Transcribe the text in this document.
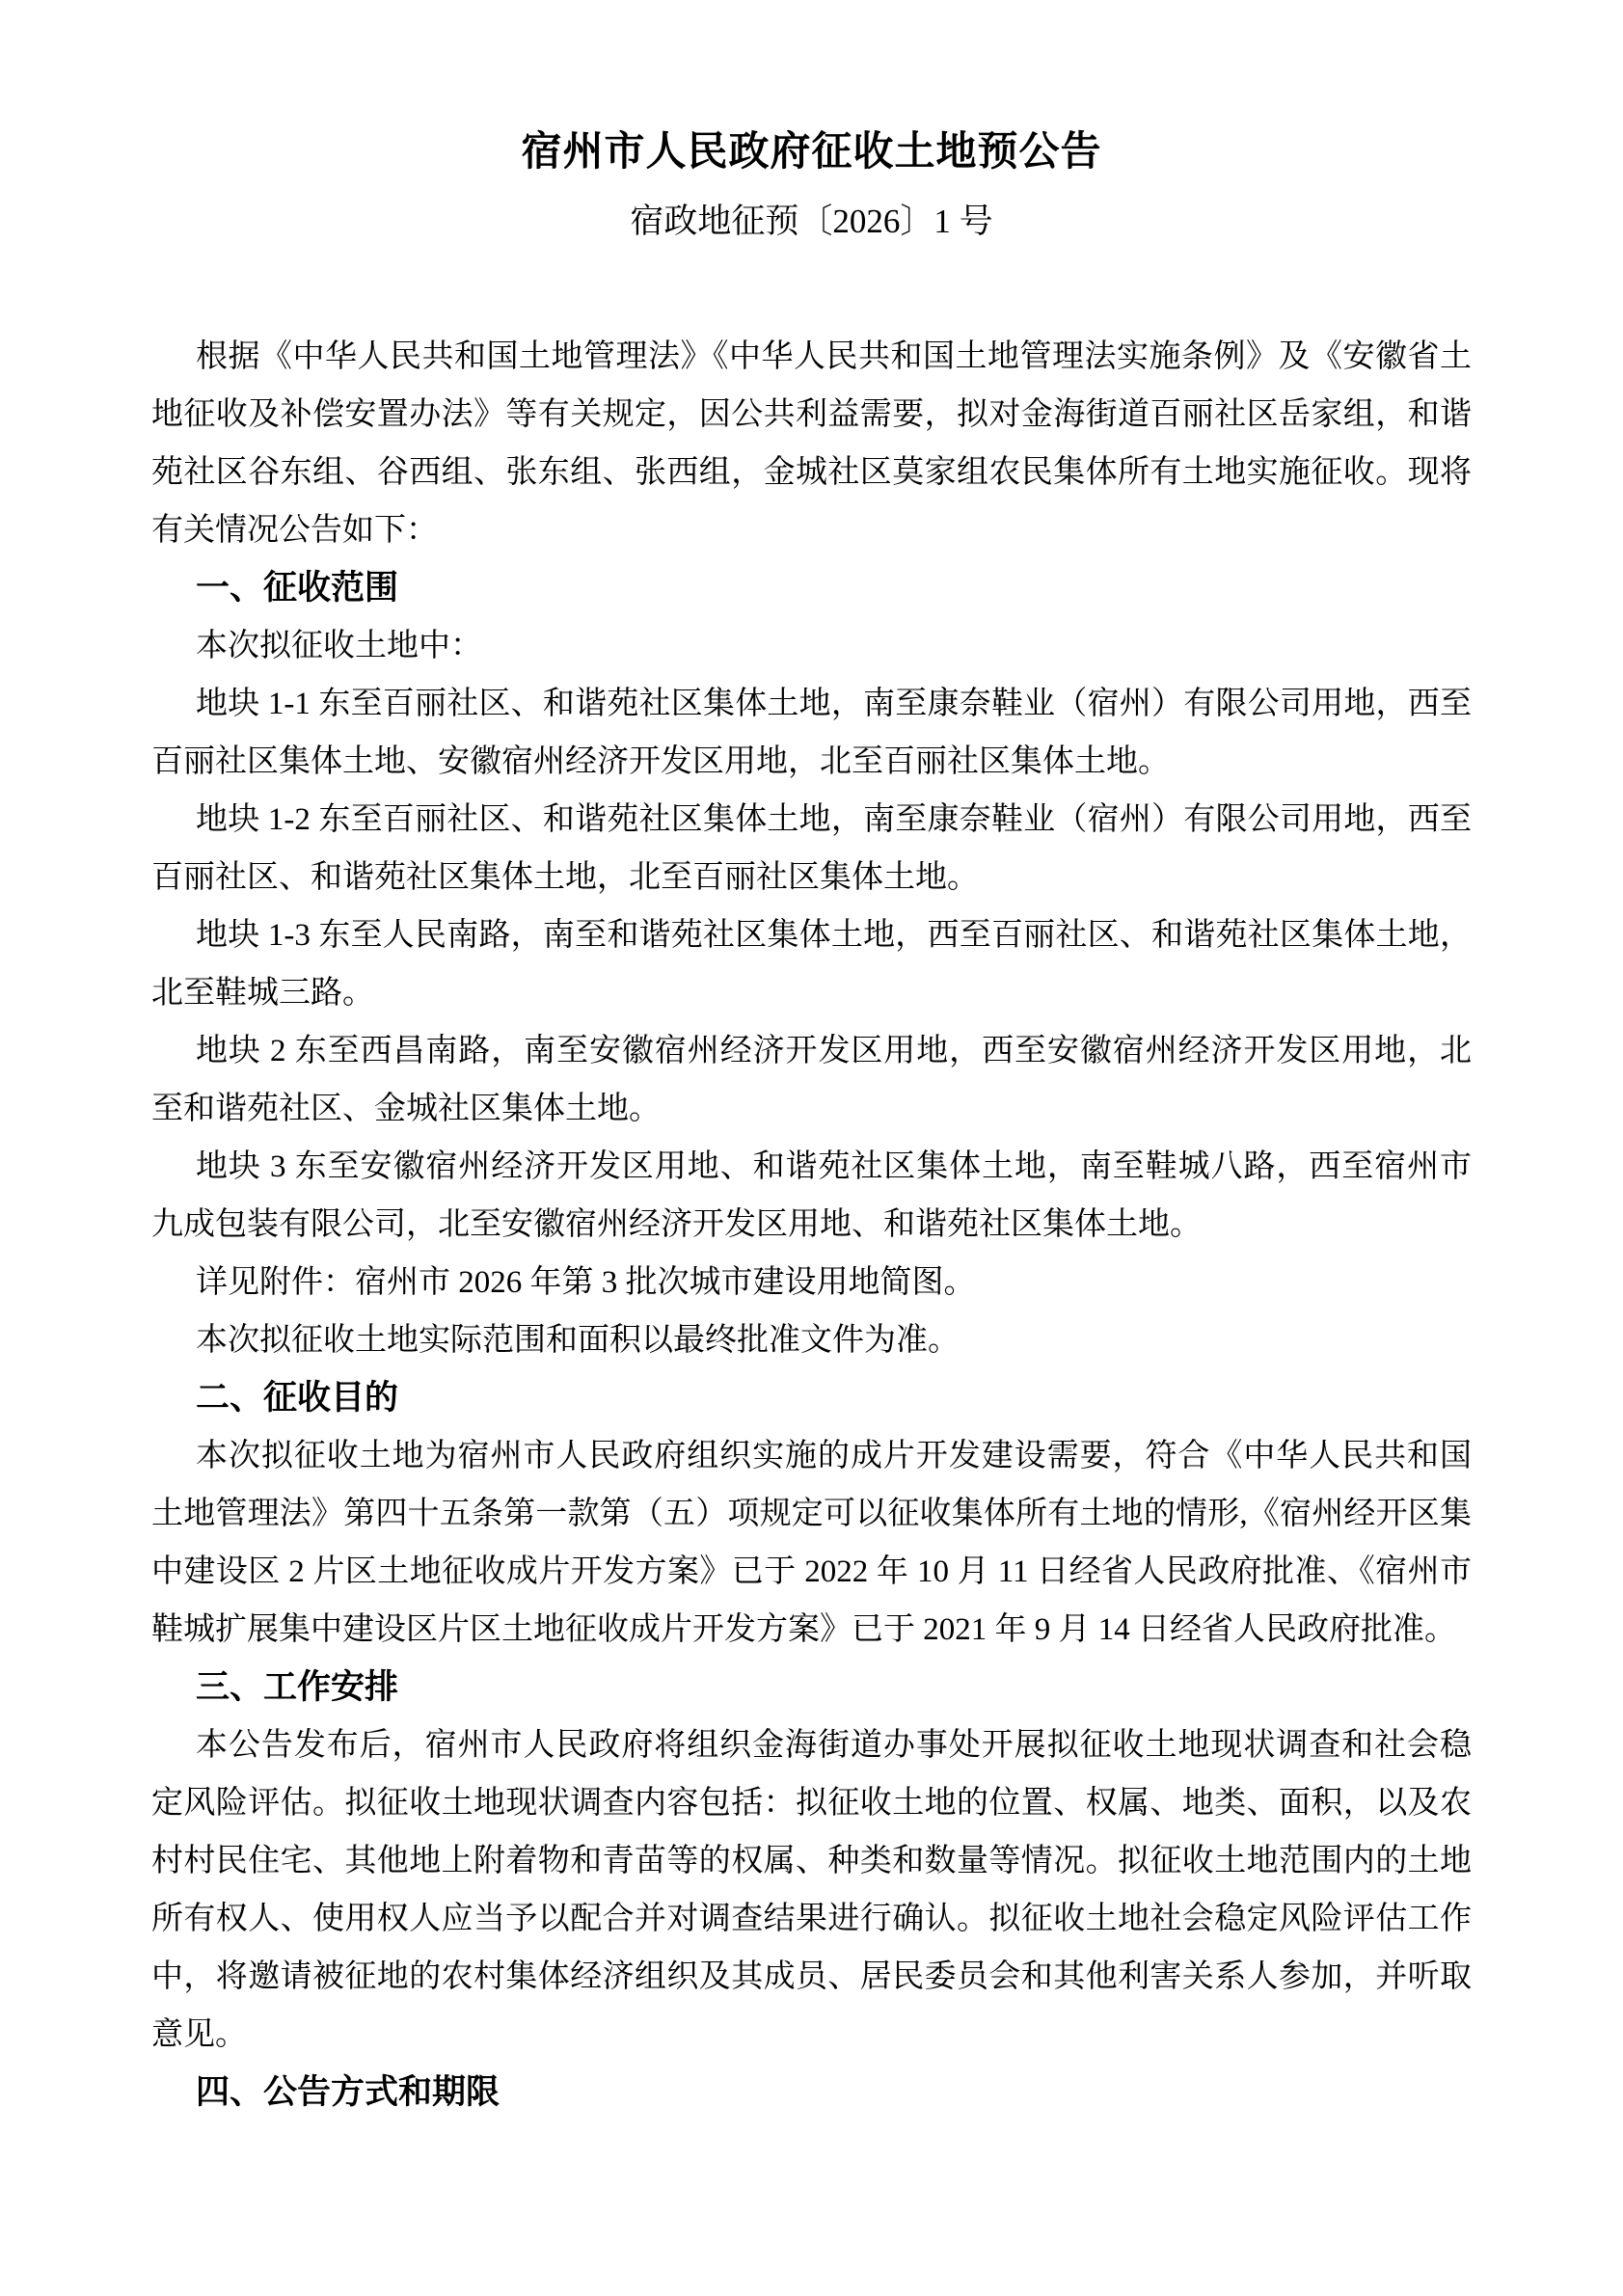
宿州市人民政府征收土地预公告
宿政地征预〔2026〕1 号
根据《中华人民共和国土地管理法》《中华人民共和国土地管理法实施条例》及《安徽省土
地征收及补偿安置办法》等有关规定，因公共利益需要，拟对金海街道百丽社区岳家组，和谐
苑社区谷东组、谷西组、张东组、张西组，金城社区莫家组农民集体所有土地实施征收。现将
有关情况公告如下：
一、征收范围
本次拟征收土地中：
地块 1-1 东至百丽社区、和谐苑社区集体土地，南至康奈鞋业（宿州）有限公司用地，西至
百丽社区集体土地、安徽宿州经济开发区用地，北至百丽社区集体土地。
地块 1-2 东至百丽社区、和谐苑社区集体土地，南至康奈鞋业（宿州）有限公司用地，西至
百丽社区、和谐苑社区集体土地，北至百丽社区集体土地。
地块 1-3 东至人民南路，南至和谐苑社区集体土地，西至百丽社区、和谐苑社区集体土地，
北至鞋城三路。
地块 2 东至西昌南路，南至安徽宿州经济开发区用地，西至安徽宿州经济开发区用地，北
至和谐苑社区、金城社区集体土地。
地块 3 东至安徽宿州经济开发区用地、和谐苑社区集体土地，南至鞋城八路，西至宿州市
九成包装有限公司，北至安徽宿州经济开发区用地、和谐苑社区集体土地。
详见附件：宿州市 2026 年第 3 批次城市建设用地简图。
本次拟征收土地实际范围和面积以最终批准文件为准。
二、征收目的
本次拟征收土地为宿州市人民政府组织实施的成片开发建设需要，符合《中华人民共和国
土地管理法》第四十五条第一款第（五）项规定可以征收集体所有土地的情形,《宿州经开区集
中建设区 2 片区土地征收成片开发方案》已于 2022 年 10 月 11 日经省人民政府批准、《宿州市
鞋城扩展集中建设区片区土地征收成片开发方案》已于 2021 年 9 月 14 日经省人民政府批准。
三、工作安排
本公告发布后，宿州市人民政府将组织金海街道办事处开展拟征收土地现状调查和社会稳
定风险评估。拟征收土地现状调查内容包括：拟征收土地的位置、权属、地类、面积，以及农
村村民住宅、其他地上附着物和青苗等的权属、种类和数量等情况。拟征收土地范围内的土地
所有权人、使用权人应当予以配合并对调查结果进行确认。拟征收土地社会稳定风险评估工作
中，将邀请被征地的农村集体经济组织及其成员、居民委员会和其他利害关系人参加，并听取
意见。
四、公告方式和期限
